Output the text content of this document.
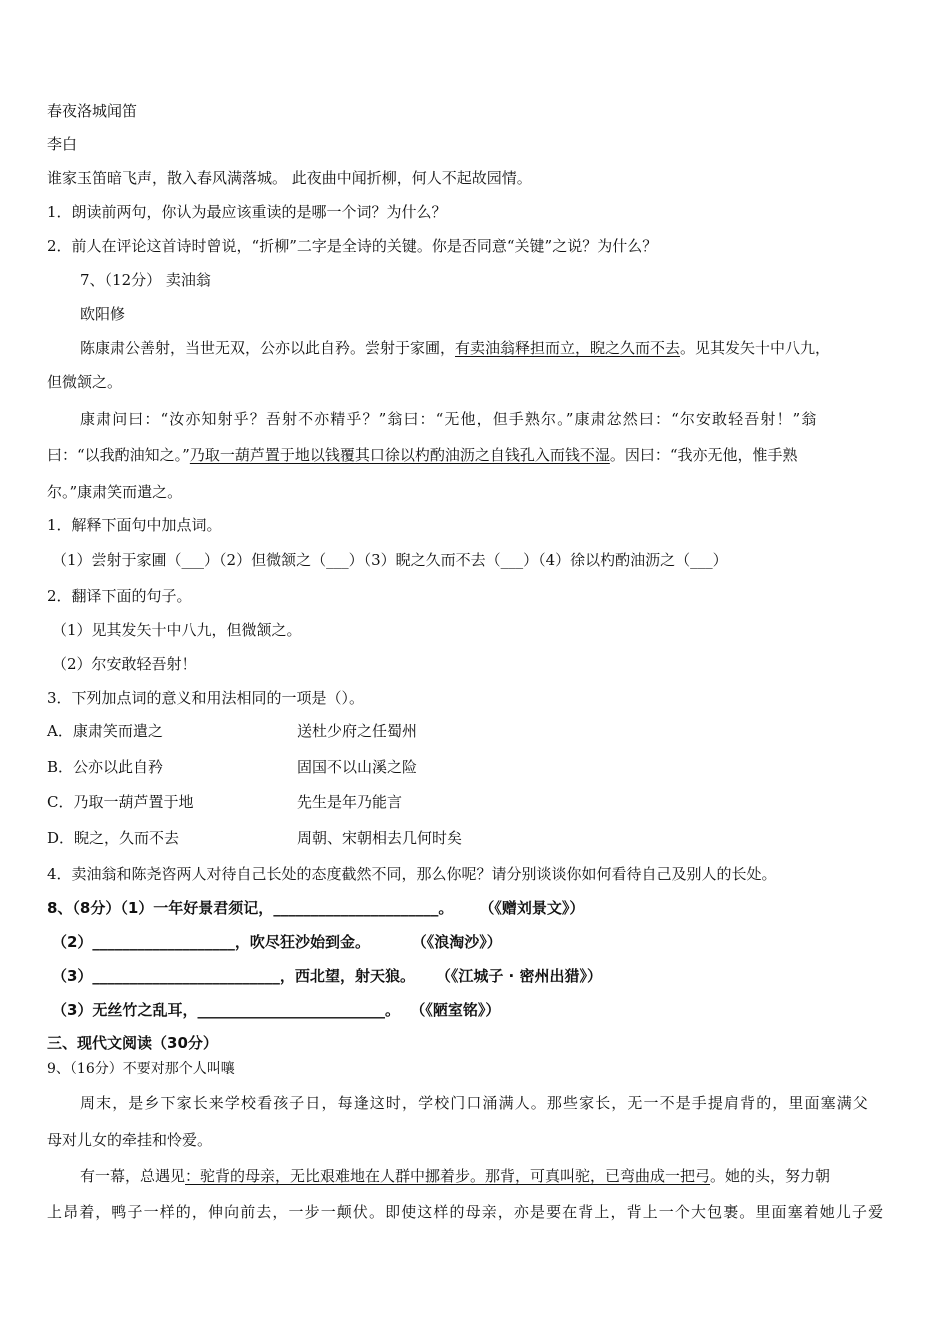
春夜洛城闻笛
李白
谁家玉笛暗飞声，散入春风满落城。 此夜曲中闻折柳，何人不起故园情。
1．朗读前两句，你认为最应该重读的是哪一个词？为什么？
2．前人在评论这首诗时曾说，“折柳”二字是全诗的关键。你是否同意“关键”之说？为什么？
7、（12分） 卖油翁
欧阳修
陈康肃公善射，当世无双，公亦以此自矜。尝射于家圃，有卖油翁释担而立，睨之久而不去。见其发矢十中八九，
但微颔之。
康肃问曰：“汝亦知射乎？吾射不亦精乎？”翁曰：“无他，但手熟尔。”康肃忿然曰：“尔安敢轻吾射！”翁
曰：“以我酌油知之。”乃取一葫芦置于地以钱覆其口徐以杓酌油沥之自钱孔入而钱不湿。因曰：“我亦无他，惟手熟
尔。”康肃笑而遣之。
1．解释下面句中加点词。
（1）尝射于家圃（___）（2）但微颔之（___）（3）睨之久而不去（___）（4）徐以杓酌油沥之（___）
2．翻译下面的句子。
（1）见其发矢十中八九，但微颔之。
（2）尔安敢轻吾射！
3．下列加点词的意义和用法相同的一项是（）。
A．康肃笑而遣之	送杜少府之任蜀州
B．公亦以此自矜	固国不以山溪之险
C．乃取一葫芦置于地	先生是年乃能言
D．睨之，久而不去	周朝、宋朝相去几何时矣
4．卖油翁和陈尧咨两人对待自己长处的态度截然不同，那么你呢？请分别谈谈你如何看待自己及别人的长处。
8、（8分）（1）一年好景君须记，______________________。     （《赠刘景文》）
（2）___________________，吹尽狂沙始到金。        （《浪淘沙》）
（3）_________________________，西北望，射天狼。    （《江城子 · 密州出猎》）
（3）无丝竹之乱耳，_________________________。  （《陋室铭》）
三、现代文阅读（30分）
9、（16分）不要对那个人叫嚷
周末，是乡下家长来学校看孩子日，每逢这时，学校门口涌满人。那些家长，无一不是手提肩背的，里面塞满父
母对儿女的牵挂和怜爱。
有一幕，总遇见：驼背的母亲，无比艰难地在人群中挪着步。那背，可真叫驼，已弯曲成一把弓。她的头，努力朝
上昂着，鸭子一样的，伸向前去，一步一颠伏。即使这样的母亲，亦是要在背上，背上一个大包裹。里面塞着她儿子爱
